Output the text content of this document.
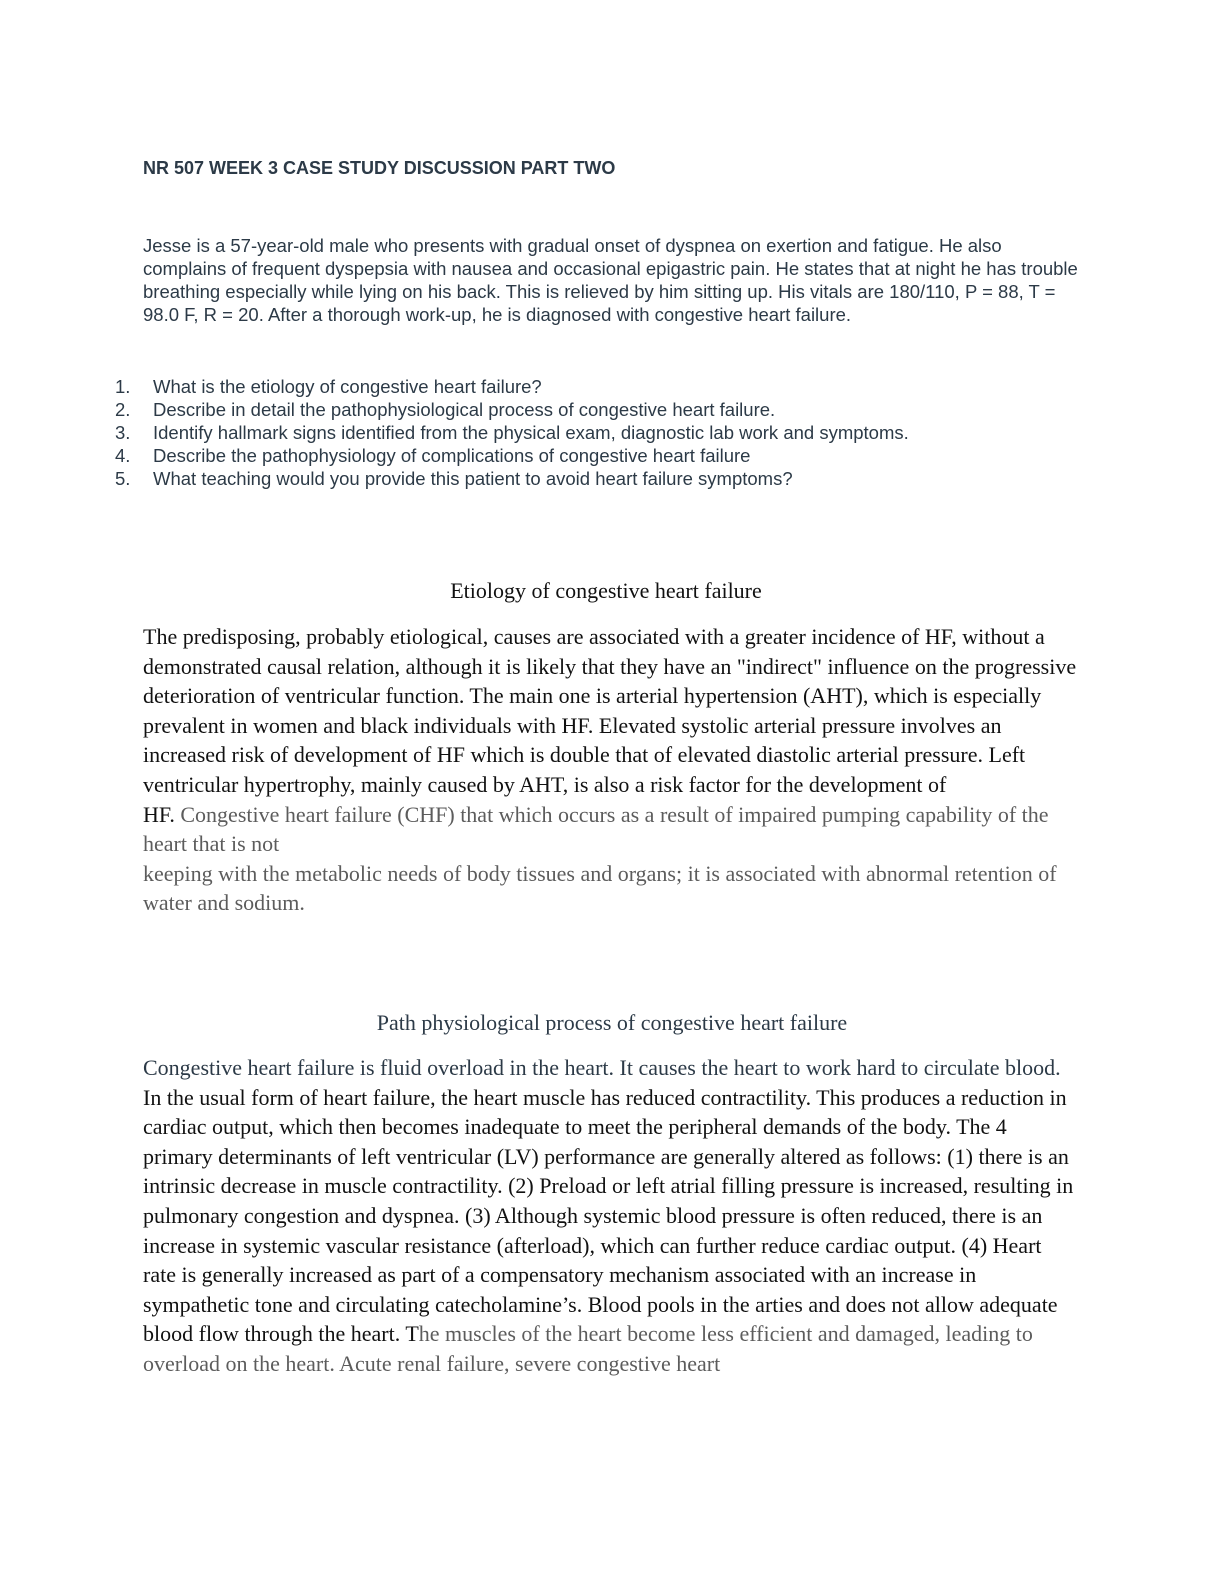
NR 507 WEEK 3 CASE STUDY DISCUSSION PART TWO

Jesse is a 57-year-old male who presents with gradual onset of dyspnea on exertion and fatigue. He also complains of frequent dyspepsia with nausea and occasional epigastric pain. He states that at night he has trouble breathing especially while lying on his back. This is relieved by him sitting up. His vitals are 180/110, P = 88, T = 98.0 F, R = 20. After a thorough work-up, he is diagnosed with congestive heart failure.

1.	What is the etiology of congestive heart failure?
2.	Describe in detail the pathophysiological process of congestive heart failure.
3.	Identify hallmark signs identified from the physical exam, diagnostic lab work and symptoms.
4.	Describe the pathophysiology of complications of congestive heart failure
5.	What teaching would you provide this patient to avoid heart failure symptoms?
Etiology of congestive heart failure

The predisposing, probably etiological, causes are associated with a greater incidence of HF, without a demonstrated causal relation, although it is likely that they have an "indirect" influence on the progressive deterioration of ventricular function. The main one is arterial hypertension (AHT), which is especially prevalent in women and black individuals with HF. Elevated systolic arterial pressure involves an increased risk of development of HF which is double that of elevated diastolic arterial pressure. Left ventricular hypertrophy, mainly caused by AHT, is also a risk factor for the development of
HF. Congestive heart failure (CHF) that which occurs as a result of impaired pumping capability of the heart that is not
keeping with the metabolic needs of body tissues and organs; it is associated with abnormal retention of water and sodium.

Path physiological process of congestive heart failure

Congestive heart failure is fluid overload in the heart. It causes the heart to work hard to circulate blood. In the usual form of heart failure, the heart muscle has reduced contractility. This produces a reduction in cardiac output, which then becomes inadequate to meet the peripheral demands of the body. The 4 primary determinants of left ventricular (LV) performance are generally altered as follows: (1) there is an intrinsic decrease in muscle contractility. (2) Preload or left atrial filling pressure is increased, resulting in pulmonary congestion and dyspnea. (3) Although systemic blood pressure is often reduced, there is an increase in systemic vascular resistance (afterload), which can further reduce cardiac output. (4) Heart rate is generally increased as part of a compensatory mechanism associated with an increase in sympathetic tone and circulating catecholamine’s. Blood pools in the arties and does not allow adequate blood flow through the heart. The muscles of the heart become less efficient and damaged, leading to overload on the heart. Acute renal failure, severe congestive heart
